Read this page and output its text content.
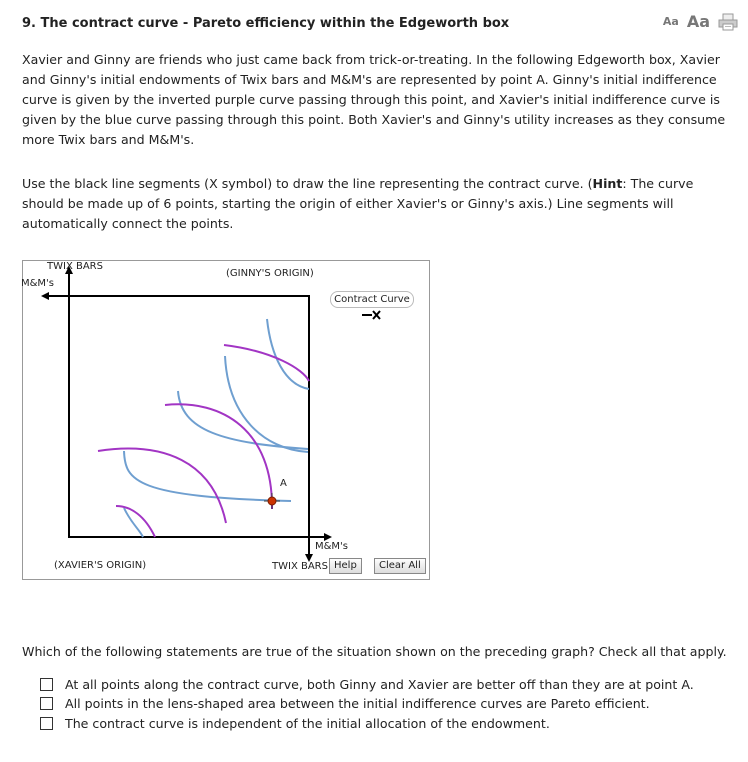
9. The contract curve - Pareto efficiency within the Edgeworth box	Aa Aa
Xavier and Ginny are friends who just came back from trick-or-treating. In the following Edgeworth box, Xavier and Ginny's initial endowments of Twix bars and M&M's are represented by point A. Ginny's initial indifference curve is given by the inverted purple curve passing through this point, and Xavier's initial indifference curve is given by the blue curve passing through this point. Both Xavier's and Ginny's utility increases as they consume more Twix bars and M&M's.
Use the black line segments (X symbol) to draw the line representing the contract curve. (Hint: The curve should be made up of 6 points, starting the origin of either Xavier's or Ginny's axis.) Line segments will automatically connect the points.
TWIX BARS
M&M's
(GINNY'S ORIGIN)
A
M&M's
TWIX BARS
(XAVIER'S ORIGIN)
Contract Curve
Help	Clear All
Which of the following statements are true of the situation shown on the preceding graph? Check all that apply.
At all points along the contract curve, both Ginny and Xavier are better off than they are at point A.
All points in the lens-shaped area between the initial indifference curves are Pareto efficient.
The contract curve is independent of the initial allocation of the endowment.
